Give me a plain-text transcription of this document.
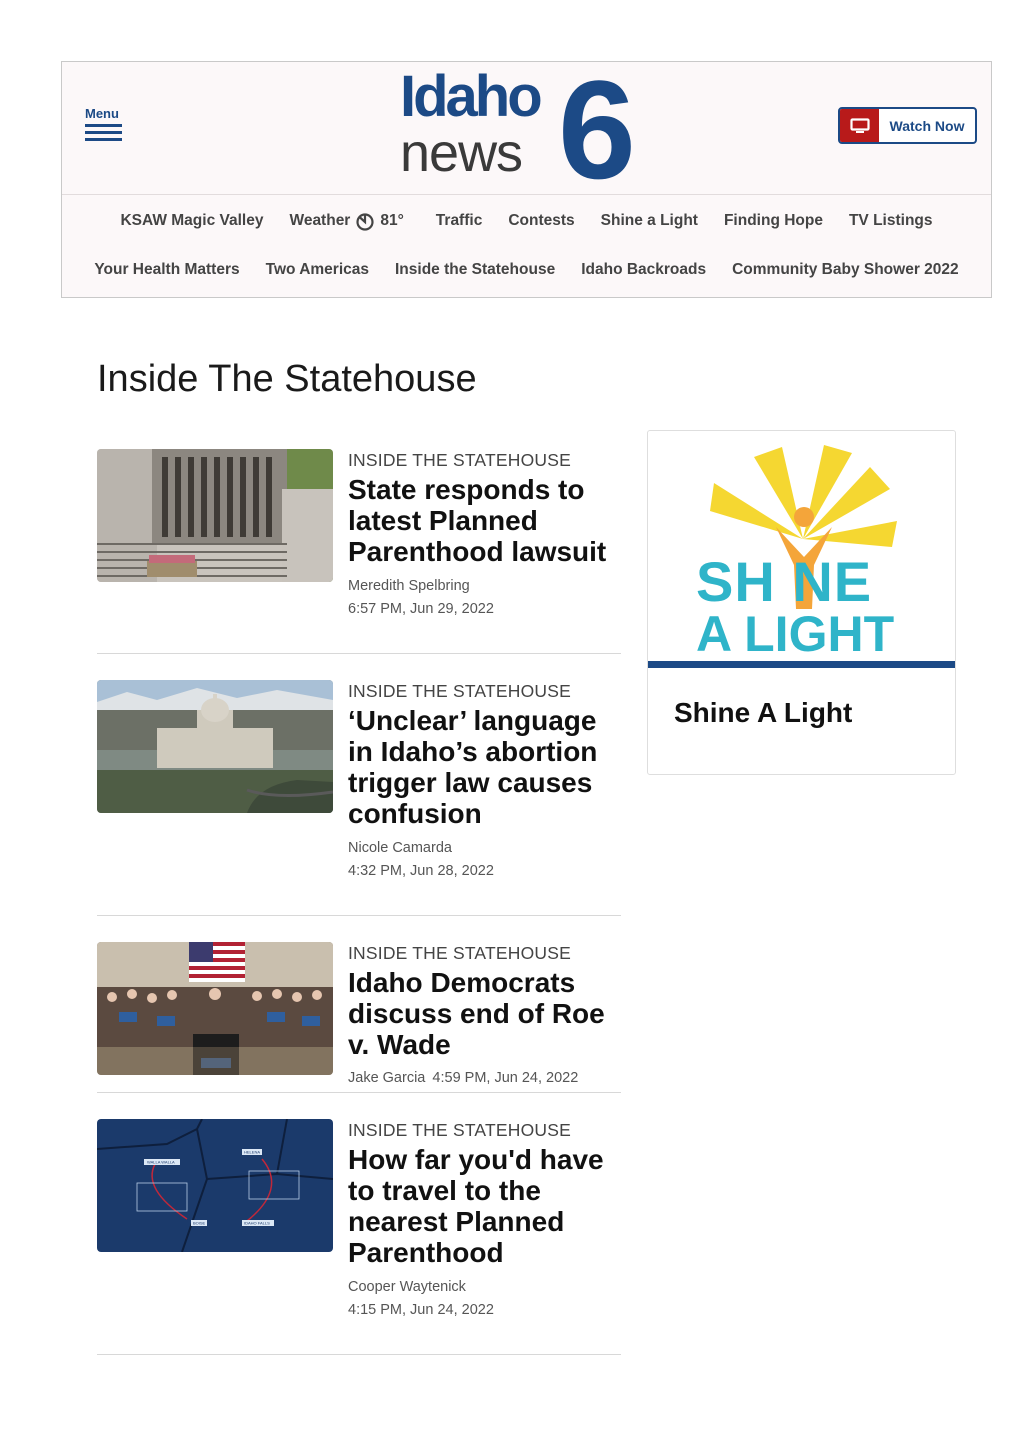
Menu	Idaho
news 6	Watch Now
KSAW Magic Valley Weather 81° Traffic Contests Shine a Light Finding Hope TV Listings
Your Health Matters Two Americas Inside the Statehouse Idaho Backroads Community Baby Shower 2022
Inside The Statehouse
INSIDE THE STATEHOUSE
State responds to latest Planned Parenthood lawsuit
Meredith Spelbring
6:57 PM, Jun 29, 2022
INSIDE THE STATEHOUSE
‘Unclear’ language in Idaho’s abortion trigger law causes confusion
Nicole Camarda
4:32 PM, Jun 28, 2022
INSIDE THE STATEHOUSE
Idaho Democrats discuss end of Roe v. Wade
Jake Garcia 4:59 PM, Jun 24, 2022
WALLA WALLA
HELENA
BOISE	IDAHO FALLS
INSIDE THE STATEHOUSE
How far you'd have to travel to the nearest Planned Parenthood
Cooper Waytenick
4:15 PM, Jun 24, 2022
SH NE
A LIGHT
Shine A Light
